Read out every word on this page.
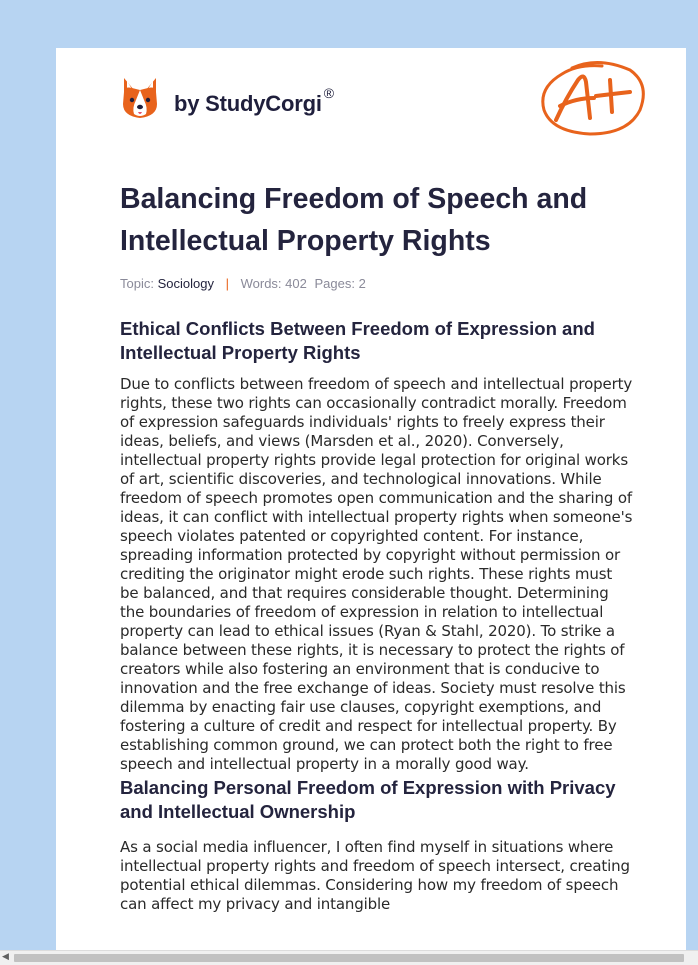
by StudyCorgi ®
A+
Balancing Freedom of Speech and Intellectual Property Rights
Topic: Sociology | Words: 402 Pages: 2
Ethical Conflicts Between Freedom of Expression and Intellectual Property Rights

Due to conflicts between freedom of speech and intellectual property rights, these two rights can occasionally contradict morally. Freedom of expression safeguards individuals' rights to freely express their ideas, beliefs, and views (Marsden et al., 2020). Conversely, intellectual property rights provide legal protection for original works of art, scientific discoveries, and technological innovations. While freedom of speech promotes open communication and the sharing of ideas, it can conflict with intellectual property rights when someone's speech violates patented or copyrighted content. For instance, spreading information protected by copyright without permission or crediting the originator might erode such rights. These rights must be balanced, and that requires considerable thought. Determining the boundaries of freedom of expression in relation to intellectual property can lead to ethical issues (Ryan & Stahl, 2020). To strike a balance between these rights, it is necessary to protect the rights of creators while also fostering an environment that is conducive to innovation and the free exchange of ideas. Society must resolve this dilemma by enacting fair use clauses, copyright exemptions, and fostering a culture of credit and respect for intellectual property. By establishing common ground, we can protect both the right to free speech and intellectual property in a morally good way.

Balancing Personal Freedom of Expression with Privacy and Intellectual Ownership

As a social media influencer, I often find myself in situations where intellectual property rights and freedom of speech intersect, creating potential ethical dilemmas. Considering how my freedom of speech can affect my privacy and intangible

◀
